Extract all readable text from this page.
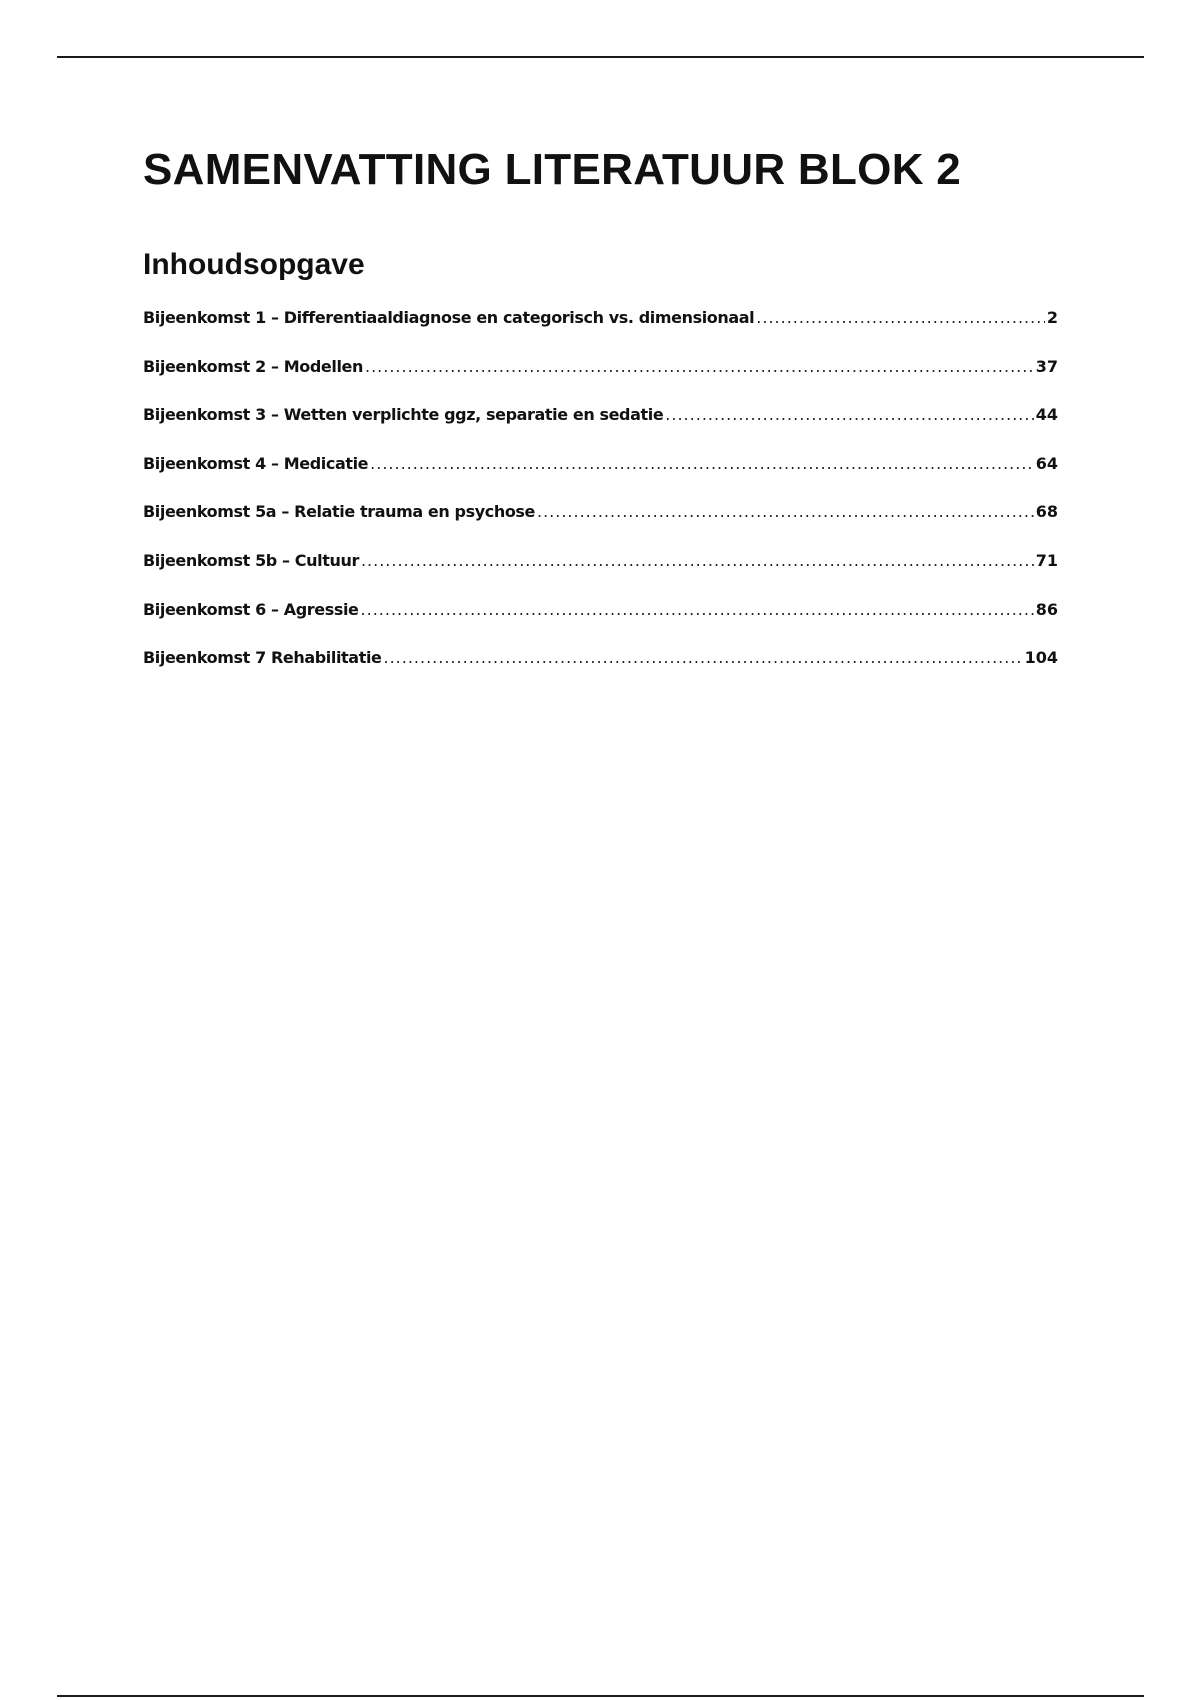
SAMENVATTING LITERATUUR BLOK 2
Inhoudsopgave
Bijeenkomst 1 – Differentiaaldiagnose en categorisch vs. dimensionaal .....	2
Bijeenkomst 2 – Modellen .....	37
Bijeenkomst 3 – Wetten verplichte ggz, separatie en sedatie .....	44
Bijeenkomst 4 – Medicatie .....	64
Bijeenkomst 5a – Relatie trauma en psychose .....	68
Bijeenkomst 5b – Cultuur .....	71
Bijeenkomst 6 – Agressie .....	86
Bijeenkomst 7 Rehabilitatie .....	104
